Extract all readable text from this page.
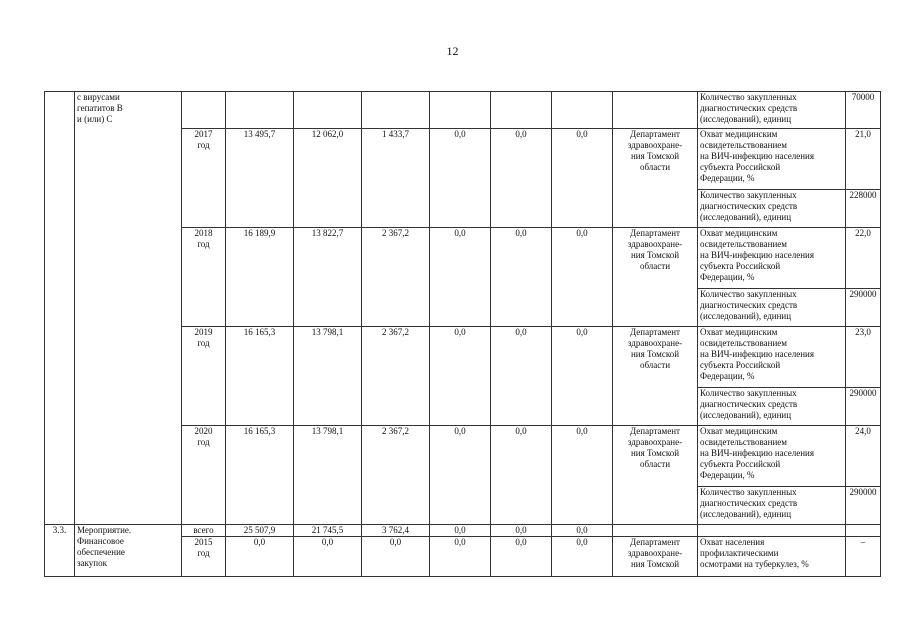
12
	с вирусами
гепатитов В
и (или) С									Количество закупленных
диагностических средств
(исследований), единиц	70000
		2017
год	13 495,7	12 062,0	1 433,7	0,0	0,0	0,0	Департамент
здравоохране-
ния Томской
области	Охват медицинским
освидетельствованием
на ВИЧ-инфекцию населения
субъекта Российской
Федерации, %	21,0
										Количество закупленных
диагностических средств
(исследований), единиц	228000
		2018
год	16 189,9	13 822,7	2 367,2	0,0	0,0	0,0	Департамент
здравоохране-
ния Томской
области	Охват медицинским
освидетельствованием
на ВИЧ-инфекцию населения
субъекта Российской
Федерации, %	22,0
										Количество закупленных
диагностических средств
(исследований), единиц	290000
		2019
год	16 165,3	13 798,1	2 367,2	0,0	0,0	0,0	Департамент
здравоохране-
ния Томской
области	Охват медицинским
освидетельствованием
на ВИЧ-инфекцию населения
субъекта Российской
Федерации, %	23,0
										Количество закупленных
диагностических средств
(исследований), единиц	290000
		2020
год	16 165,3	13 798,1	2 367,2	0,0	0,0	0,0	Департамент
здравоохране-
ния Томской
области	Охват медицинским
освидетельствованием
на ВИЧ-инфекцию населения
субъекта Российской
Федерации, %	24,0
										Количество закупленных
диагностических средств
(исследований), единиц	290000
3.3.	Мероприятие.
Финансовое
обеспечение
закупок	всего	25 507,9	21 745,5	3 762,4	0,0	0,0	0,0			
		2015
год	0,0	0,0	0,0	0,0	0,0	0,0	Департамент
здравоохране-
ния Томской	Охват населения
профилактическими
осмотрами на туберкулез, %	–
